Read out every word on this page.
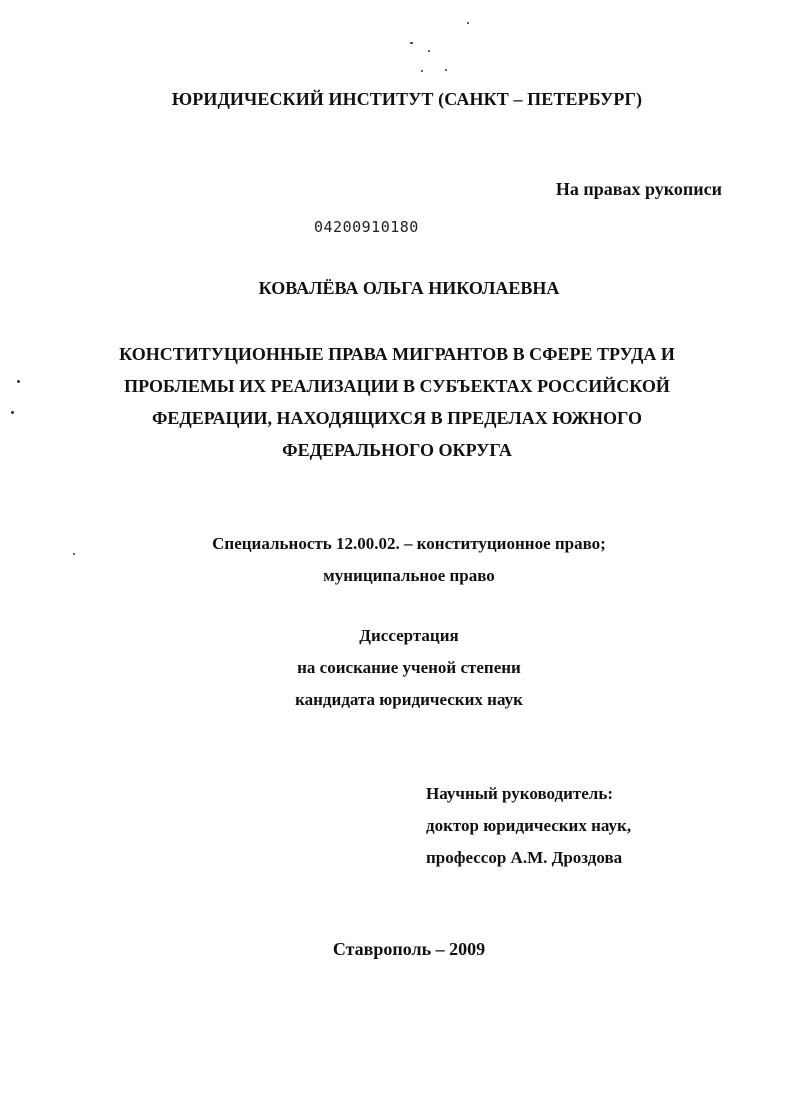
ЮРИДИЧЕСКИЙ ИНСТИТУТ (САНКТ – ПЕТЕРБУРГ)
На правах рукописи
04200910180
КОВАЛЁВА ОЛЬГА НИКОЛАЕВНА
КОНСТИТУЦИОННЫЕ ПРАВА МИГРАНТОВ В СФЕРЕ ТРУДА И
ПРОБЛЕМЫ ИХ РЕАЛИЗАЦИИ В СУБЪЕКТАХ РОССИЙСКОЙ
ФЕДЕРАЦИИ, НАХОДЯЩИХСЯ В ПРЕДЕЛАХ ЮЖНОГО
ФЕДЕРАЛЬНОГО ОКРУГА
Специальность 12.00.02. – конституционное право;
муниципальное право
Диссертация
на соискание ученой степени
кандидата юридических наук
Научный руководитель:
доктор юридических наук,
профессор А.М. Дроздова
Ставрополь – 2009
